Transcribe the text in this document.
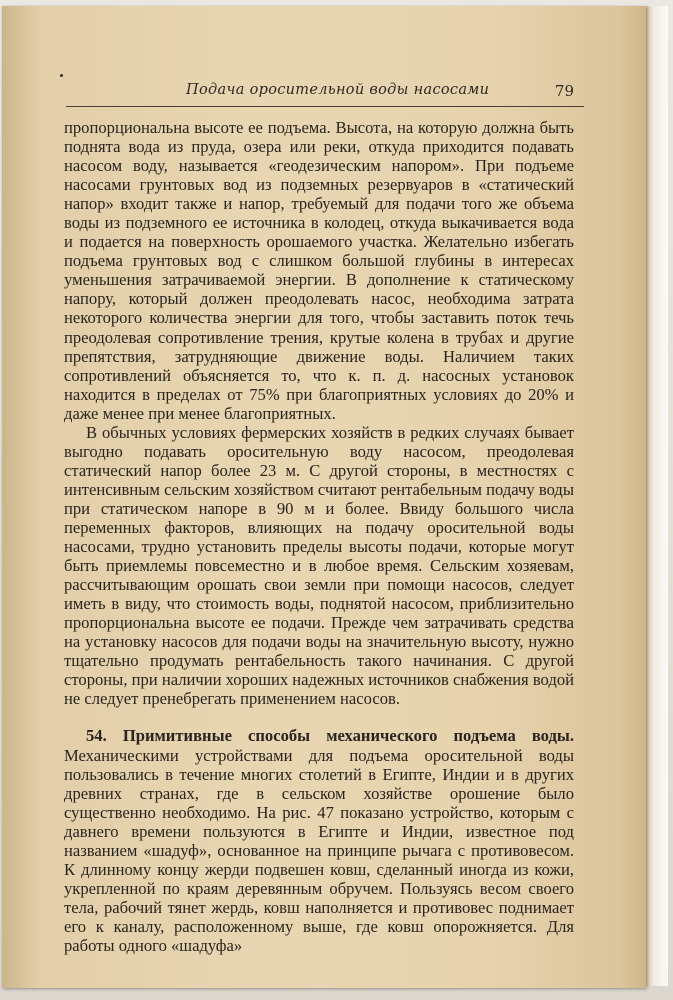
Подача оросительной воды насосами	79

пропорциональна высоте ее подъема. Высота, на которую должна быть поднята вода из пруда, озера или реки, откуда приходится подавать насосом воду, называется «геодезическим напором». При подъеме насосами грунтовых вод из подземных резервуаров в «статический напор» входит также и напор, требуемый для подачи того же объема воды из подземного ее источника в колодец, откуда выкачивается вода и подается на поверхность орошаемого участка. Желательно избегать подъема грунтовых вод с слишком большой глубины в интересах уменьшения затрачиваемой энергии. В дополнение к статическому напору, который должен преодолевать насос, необходима затрата некоторого количества энергии для того, чтобы заставить поток течь преодолевая сопротивление трения, крутые колена в трубах и другие препятствия, затрудняющие движение воды. Наличием таких сопротивлений объясняется то, что к. п. д. насосных установок находится в пределах от 75% при благоприятных условиях до 20% и даже менее при менее благоприятных.

В обычных условиях фермерских хозяйств в редких случаях бывает выгодно подавать оросительную воду насосом, преодолевая статический напор более 23 м. С другой стороны, в местностях с интенсивным сельским хозяйством считают рентабельным подачу воды при статическом напоре в 90 м и более. Ввиду большого числа переменных факторов, влияющих на подачу оросительной воды насосами, трудно установить пределы высоты подачи, которые могут быть приемлемы повсеместно и в любое время. Сельским хозяевам, рассчитывающим орошать свои земли при помощи насосов, следует иметь в виду, что стоимость воды, поднятой насосом, приблизительно пропорциональна высоте ее подачи. Прежде чем затрачивать средства на установку насосов для подачи воды на значительную высоту, нужно тщательно продумать рентабельность такого начинания. С другой стороны, при наличии хороших надежных источников снабжения водой не следует пренебрегать применением насосов.

54. Примитивные способы механического подъема воды. Механическими устройствами для подъема оросительной воды пользовались в течение многих столетий в Египте, Индии и в других древних странах, где в сельском хозяйстве орошение было существенно необходимо. На рис. 47 показано устройство, которым с давнего времени пользуются в Египте и Индии, известное под названием «шадуф», основанное на принципе рычага с противовесом. К длинному концу жерди подвешен ковш, сделанный иногда из кожи, укрепленной по краям деревянным обручем. Пользуясь весом своего тела, рабочий тянет жердь, ковш наполняется и противовес поднимает его к каналу, расположенному выше, где ковш опорожняется. Для работы одного «шадуфа»
